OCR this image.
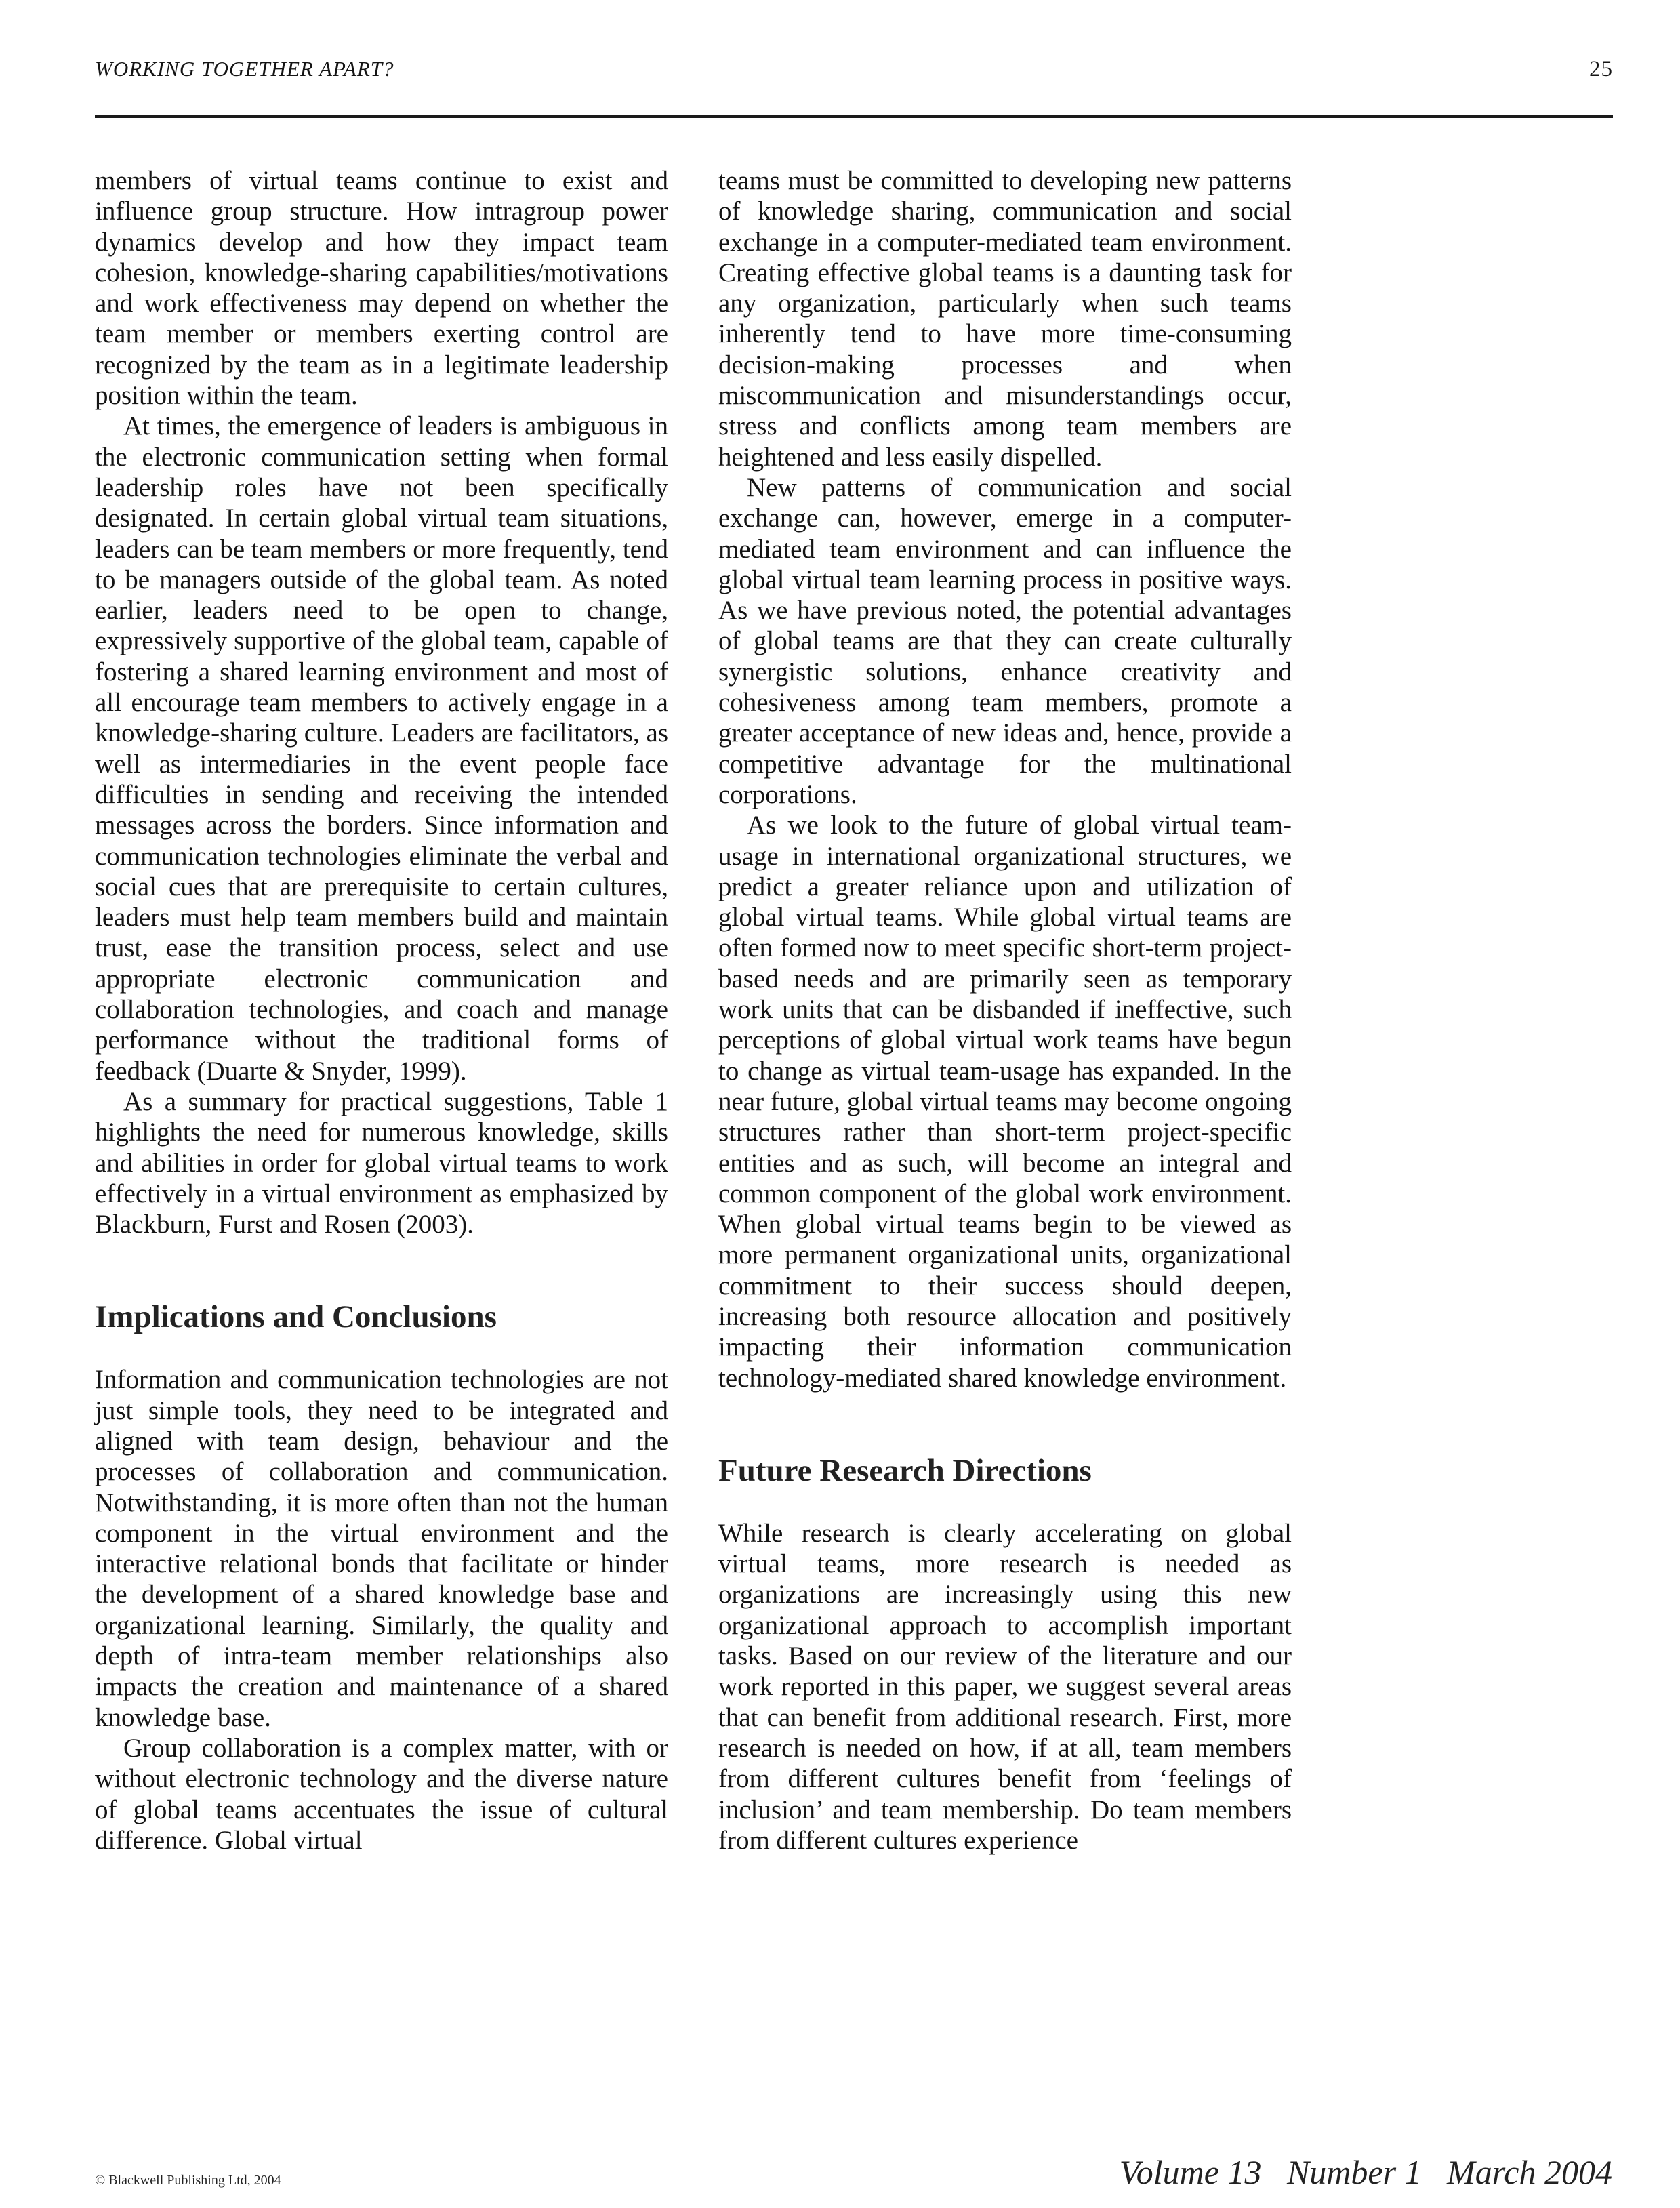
WORKING TOGETHER APART?	25

members of virtual teams continue to exist and influence group structure. How intragroup power dynamics develop and how they impact team cohesion, knowledge-sharing capabilities/motivations and work effectiveness may depend on whether the team member or members exerting control are recognized by the team as in a legitimate leadership position within the team.

At times, the emergence of leaders is ambiguous in the electronic communication setting when formal leadership roles have not been specifically designated. In certain global virtual team situations, leaders can be team members or more frequently, tend to be managers outside of the global team. As noted earlier, leaders need to be open to change, expressively supportive of the global team, capable of fostering a shared learning environment and most of all encourage team members to actively engage in a knowledge-sharing culture. Leaders are facilitators, as well as intermediaries in the event people face difficulties in sending and receiving the intended messages across the borders. Since information and communication technologies eliminate the verbal and social cues that are prerequisite to certain cultures, leaders must help team members build and maintain trust, ease the transition process, select and use appropriate electronic communication and collaboration technologies, and coach and manage performance without the traditional forms of feedback (Duarte & Snyder, 1999).

As a summary for practical suggestions, Table 1 highlights the need for numerous knowledge, skills and abilities in order for global virtual teams to work effectively in a virtual environment as emphasized by Blackburn, Furst and Rosen (2003).

Implications and Conclusions

Information and communication technologies are not just simple tools, they need to be integrated and aligned with team design, behaviour and the processes of collaboration and communication. Notwithstanding, it is more often than not the human component in the virtual environment and the interactive relational bonds that facilitate or hinder the development of a shared knowledge base and organizational learning. Similarly, the quality and depth of intra-team member relationships also impacts the creation and maintenance of a shared knowledge base.

Group collaboration is a complex matter, with or without electronic technology and the diverse nature of global teams accentuates the issue of cultural difference. Global virtual

teams must be committed to developing new patterns of knowledge sharing, communication and social exchange in a computer-mediated team environment. Creating effective global teams is a daunting task for any organization, particularly when such teams inherently tend to have more time-consuming decision-making processes and when miscommunication and misunderstandings occur, stress and conflicts among team members are heightened and less easily dispelled.

New patterns of communication and social exchange can, however, emerge in a computer-mediated team environment and can influence the global virtual team learning process in positive ways. As we have previous noted, the potential advantages of global teams are that they can create culturally synergistic solutions, enhance creativity and cohesiveness among team members, promote a greater acceptance of new ideas and, hence, provide a competitive advantage for the multinational corporations.

As we look to the future of global virtual team-usage in international organizational structures, we predict a greater reliance upon and utilization of global virtual teams. While global virtual teams are often formed now to meet specific short-term project-based needs and are primarily seen as temporary work units that can be disbanded if ineffective, such perceptions of global virtual work teams have begun to change as virtual team-usage has expanded. In the near future, global virtual teams may become ongoing structures rather than short-term project-specific entities and as such, will become an integral and common component of the global work environment. When global virtual teams begin to be viewed as more permanent organizational units, organizational commitment to their success should deepen, increasing both resource allocation and positively impacting their information communication technology-mediated shared knowledge environment.

Future Research Directions

While research is clearly accelerating on global virtual teams, more research is needed as organizations are increasingly using this new organizational approach to accomplish important tasks. Based on our review of the literature and our work reported in this paper, we suggest several areas that can benefit from additional research. First, more research is needed on how, if at all, team members from different cultures benefit from ‘feelings of inclusion’ and team membership. Do team members from different cultures experience

© Blackwell Publishing Ltd, 2004	Volume 13   Number 1   March 2004
